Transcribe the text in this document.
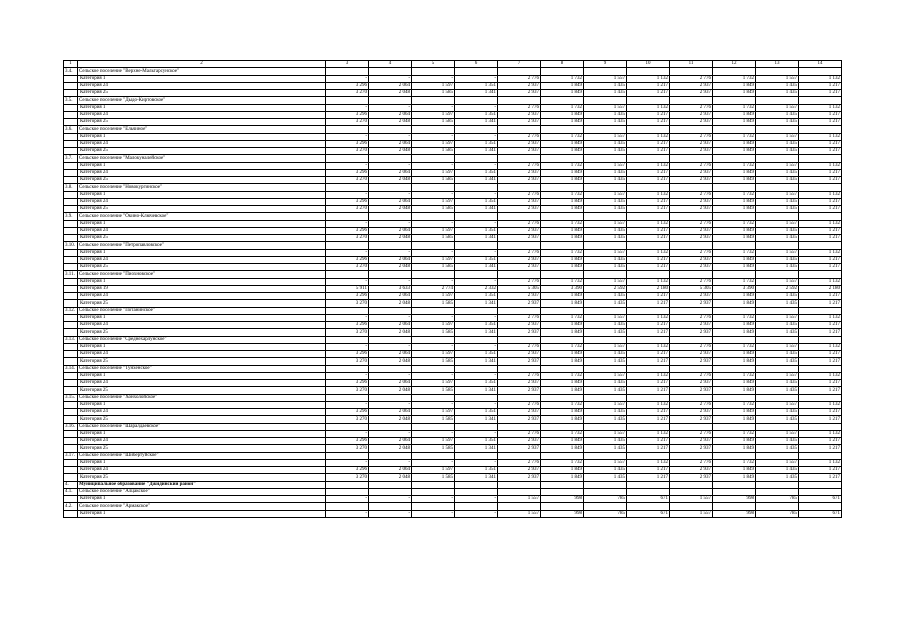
1	2	3	4	5	6	7	8	9	10	11	12	13	14
3.4.	Сельское поселение "Верхне-Мальтарсунское"												
	Категория 1	-	-	-	-	2 776	1 732	1 557	1 132	2 776	1 732	1 557	1 132
	Категория 24	3 296	2 064	1 597	1 351	2 937	1 849	1 435	1 217	2 937	1 849	1 435	1 217
	Категория 25	3 270	2 048	1 585	1 341	2 937	1 849	1 435	1 217	2 937	1 849	1 435	1 217
3.5.	Сельское поселение "Дыдо-Киртовское"												
	Категория 1	-	-	-	-	2 776	1 732	1 557	1 132	2 776	1 732	1 557	1 132
	Категория 24	3 296	2 064	1 597	1 351	2 937	1 849	1 435	1 217	2 937	1 849	1 435	1 217
	Категория 25	3 270	2 048	1 585	1 341	2 937	1 849	1 435	1 217	2 937	1 849	1 435	1 217
3.6.	Сельское поселение "Ельчиное"												
	Категория 1	-	-	-	-	2 776	1 732	1 557	1 132	2 776	1 732	1 557	1 132
	Категория 24	3 296	2 064	1 597	1 351	2 937	1 849	1 435	1 217	2 937	1 849	1 435	1 217
	Категория 25	3 270	2 048	1 585	1 341	2 937	1 849	1 435	1 217	2 937	1 849	1 435	1 217
3.7.	Сельское поселение "Малокуналейское"												
	Категория 1	-	-	-	-	2 776	1 732	1 557	1 132	2 776	1 732	1 557	1 132
	Категория 24	3 296	2 064	1 597	1 351	2 937	1 849	1 435	1 217	2 937	1 849	1 435	1 217
	Категория 25	3 270	2 048	1 585	1 341	2 937	1 849	1 435	1 217	2 937	1 849	1 435	1 217
3.8.	Сельское поселение "Новокургинское"												
	Категория 1	-	-	-	-	2 776	1 732	1 557	1 132	2 776	1 732	1 557	1 132
	Категория 24	3 296	2 064	1 597	1 351	2 937	1 849	1 435	1 217	2 937	1 849	1 435	1 217
	Категория 25	3 270	2 048	1 585	1 341	2 937	1 849	1 435	1 217	2 937	1 849	1 435	1 217
3.9.	Сельское поселение "Окино-Ключевское"												
	Категория 1	-	-	-	-	2 776	1 732	1 557	1 132	2 776	1 732	1 557	1 132
	Категория 24	3 296	2 064	1 597	1 351	2 937	1 849	1 435	1 217	2 937	1 849	1 435	1 217
	Категория 25	3 270	2 048	1 585	1 341	2 937	1 849	1 435	1 217	2 937	1 849	1 435	1 217
3.10.	Сельское поселение "Петропавловское"												
	Категория 1	-	-	-	-	2 776	1 732	1 557	1 132	2 776	1 732	1 557	1 132
	Категория 24	3 296	2 064	1 597	1 351	2 937	1 849	1 435	1 217	2 937	1 849	1 435	1 217
	Категория 25	3 270	2 048	1 585	1 341	2 937	1 849	1 435	1 217	2 937	1 849	1 435	1 217
3.11.	Сельское поселение "Пиохновское"												
	Категория 1	-	-	-	-	2 776	1 732	1 557	1 132	2 776	1 732	1 557	1 132
	Категория 19	5 911	3 633	2 774	2 332	5 305	3 390	2 592	2 180	5 305	3 390	2 592	2 180
	Категория 24	3 296	2 064	1 597	1 351	2 937	1 849	1 435	1 217	2 937	1 849	1 435	1 217
	Категория 25	3 270	2 048	1 585	1 341	2 937	1 849	1 435	1 217	2 937	1 849	1 435	1 217
3.12.	Сельское поселение "Потанинское"												
	Категория 1	-	-	-	-	2 776	1 732	1 557	1 132	2 776	1 732	1 557	1 132
	Категория 24	3 296	2 064	1 597	1 351	2 937	1 849	1 435	1 217	2 937	1 849	1 435	1 217
	Категория 25	3 270	2 048	1 585	1 341	2 937	1 849	1 435	1 217	2 937	1 849	1 435	1 217
3.13.	Сельское поселение "Среднехарлунское"												
	Категория 1	-	-	-	-	2 776	1 732	1 557	1 132	2 776	1 732	1 557	1 132
	Категория 24	3 296	2 064	1 597	1 351	2 937	1 849	1 435	1 217	2 937	1 849	1 435	1 217
	Категория 25	3 270	2 048	1 585	1 341	2 937	1 849	1 435	1 217	2 937	1 849	1 435	1 217
3.14.	Сельское поселение "Тунхенское"												
	Категория 1	-	-	-	-	2 776	1 732	1 557	1 132	2 776	1 732	1 557	1 132
	Категория 24	3 296	2 064	1 597	1 351	2 937	1 849	1 435	1 217	2 937	1 849	1 435	1 217
	Категория 25	3 270	2 048	1 585	1 341	2 937	1 849	1 435	1 217	2 937	1 849	1 435	1 217
3.15.	Сельское поселение "Хонхолойское"												
	Категория 1	-	-	-	-	2 776	1 732	1 557	1 132	2 776	1 732	1 557	1 132
	Категория 24	3 296	2 064	1 597	1 351	2 937	1 849	1 435	1 217	2 937	1 849	1 435	1 217
	Категория 25	3 270	2 048	1 585	1 341	2 937	1 849	1 435	1 217	2 937	1 849	1 435	1 217
3.16.	Сельское поселение "Шаралдаевское"												
	Категория 1	-	-	-	-	2 776	1 732	1 557	1 132	2 776	1 732	1 557	1 132
	Категория 24	3 296	2 064	1 597	1 351	2 937	1 849	1 435	1 217	2 937	1 849	1 435	1 217
	Категория 25	3 270	2 048	1 585	1 341	2 937	1 849	1 435	1 217	2 937	1 849	1 435	1 217
3.17.	Сельское поселение "Шибертуйское"												
	Категория 1	-	-	-	-	2 776	1 732	1 557	1 132	2 776	1 732	1 557	1 132
	Категория 24	3 296	2 064	1 597	1 351	2 937	1 849	1 435	1 217	2 937	1 849	1 435	1 217
	Категория 25	3 270	2 048	1 585	1 341	2 937	1 849	1 435	1 217	2 937	1 849	1 435	1 217
4.	Муниципальное образование "Джидинский район"												
4.1.	Сельское поселение "Алцакское"												
	Категория 1	-	-	-	-	1 557	998	785	671	1 557	998	785	671
4.2.	Сельское поселение "Армакское"												
	Категория 1	-	-	-	-	1 557	998	785	671	1 557	998	785	671
